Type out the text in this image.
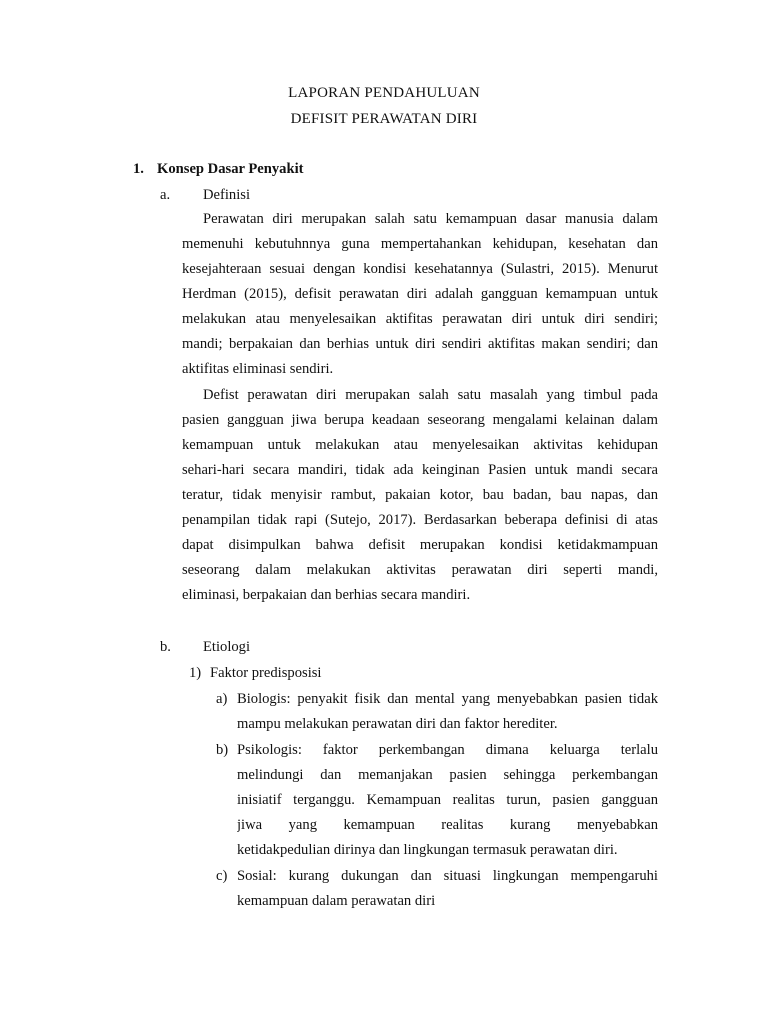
LAPORAN PENDAHULUAN
DEFISIT PERAWATAN DIRI
1. Konsep Dasar Penyakit
a. Definisi
Perawatan diri merupakan salah satu kemampuan dasar manusia dalam
memenuhi kebutuhnnya guna mempertahankan kehidupan, kesehatan dan
kesejahteraan sesuai dengan kondisi kesehatannya (Sulastri, 2015). Menurut
Herdman (2015), defisit perawatan diri adalah gangguan kemampuan untuk
melakukan atau menyelesaikan aktifitas perawatan diri untuk diri sendiri;
mandi; berpakaian dan berhias untuk diri sendiri aktifitas makan sendiri; dan
aktifitas eliminasi sendiri.
Defist perawatan diri merupakan salah satu masalah yang timbul pada
pasien gangguan jiwa berupa keadaan seseorang mengalami kelainan dalam
kemampuan untuk melakukan atau menyelesaikan aktivitas kehidupan
sehari-hari secara mandiri, tidak ada keinginan Pasien untuk mandi secara
teratur, tidak menyisir rambut, pakaian kotor, bau badan, bau napas, dan
penampilan tidak rapi (Sutejo, 2017). Berdasarkan beberapa definisi di atas
dapat disimpulkan bahwa defisit merupakan kondisi ketidakmampuan
seseorang dalam melakukan aktivitas perawatan diri seperti mandi,
eliminasi, berpakaian dan berhias secara mandiri.
b. Etiologi
1) Faktor predisposisi
a) Biologis: penyakit fisik dan mental yang menyebabkan pasien tidak
mampu melakukan perawatan diri dan faktor herediter.
b) Psikologis: faktor perkembangan dimana keluarga terlalu
melindungi dan memanjakan pasien sehingga perkembangan
inisiatif terganggu. Kemampuan realitas turun, pasien gangguan
jiwa yang kemampuan realitas kurang menyebabkan
ketidakpedulian dirinya dan lingkungan termasuk perawatan diri.
c) Sosial: kurang dukungan dan situasi lingkungan mempengaruhi
kemampuan dalam perawatan diri
